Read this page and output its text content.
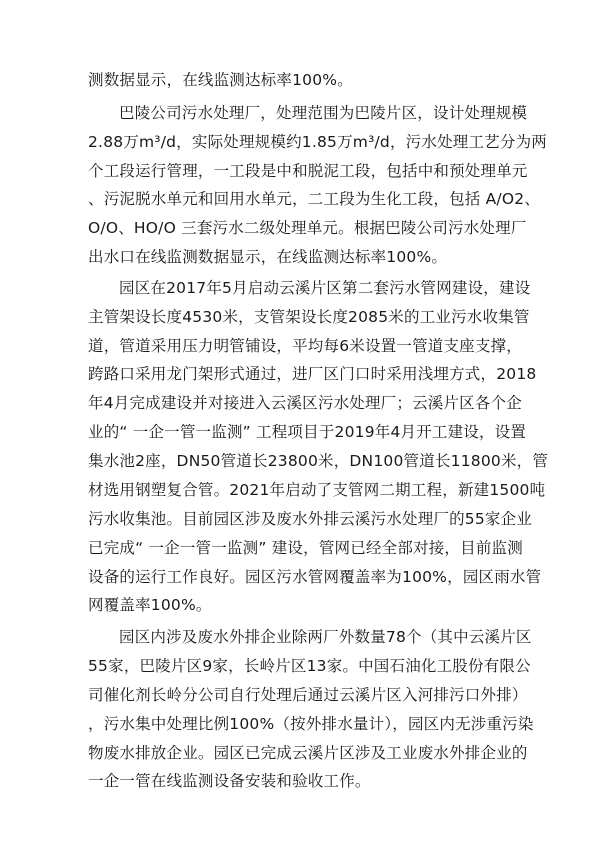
测数据显示，在线监测达标率100%。
巴陵公司污水处理厂，处理范围为巴陵片区，设计处理规模
2.88万m³/d，实际处理规模约1.85万m³/d，污水处理工艺分为两
个工段运行管理，一工段是中和脱泥工段，包括中和预处理单元
、污泥脱水单元和回用水单元，二工段为生化工段，包括 A/O2、
O/O、HO/O 三套污水二级处理单元。根据巴陵公司污水处理厂
出水口在线监测数据显示，在线监测达标率100%。
园区在2017年5月启动云溪片区第二套污水管网建设，建设
主管架设长度4530米，支管架设长度2085米的工业污水收集管
道，管道采用压力明管铺设，平均每6米设置一管道支座支撑，
跨路口采用龙门架形式通过，进厂区门口时采用浅埋方式，2018
年4月完成建设并对接进入云溪区污水处理厂；云溪片区各个企
业的“ 一企一管一监测” 工程项目于2019年4月开工建设，设置
集水池2座，DN50管道长23800米，DN100管道长11800米，管
材选用钢塑复合管。2021年启动了支管网二期工程，新建1500吨
污水收集池。目前园区涉及废水外排云溪污水处理厂的55家企业
已完成“ 一企一管一监测” 建设，管网已经全部对接，目前监测
设备的运行工作良好。园区污水管网覆盖率为100%，园区雨水管
网覆盖率100%。
园区内涉及废水外排企业除两厂外数量78个（其中云溪片区
55家，巴陵片区9家，长岭片区13家。中国石油化工股份有限公
司催化剂长岭分公司自行处理后通过云溪片区入河排污口外排）
，污水集中处理比例100%（按外排水量计），园区内无涉重污染
物废水排放企业。园区已完成云溪片区涉及工业废水外排企业的
一企一管在线监测设备安装和验收工作。
